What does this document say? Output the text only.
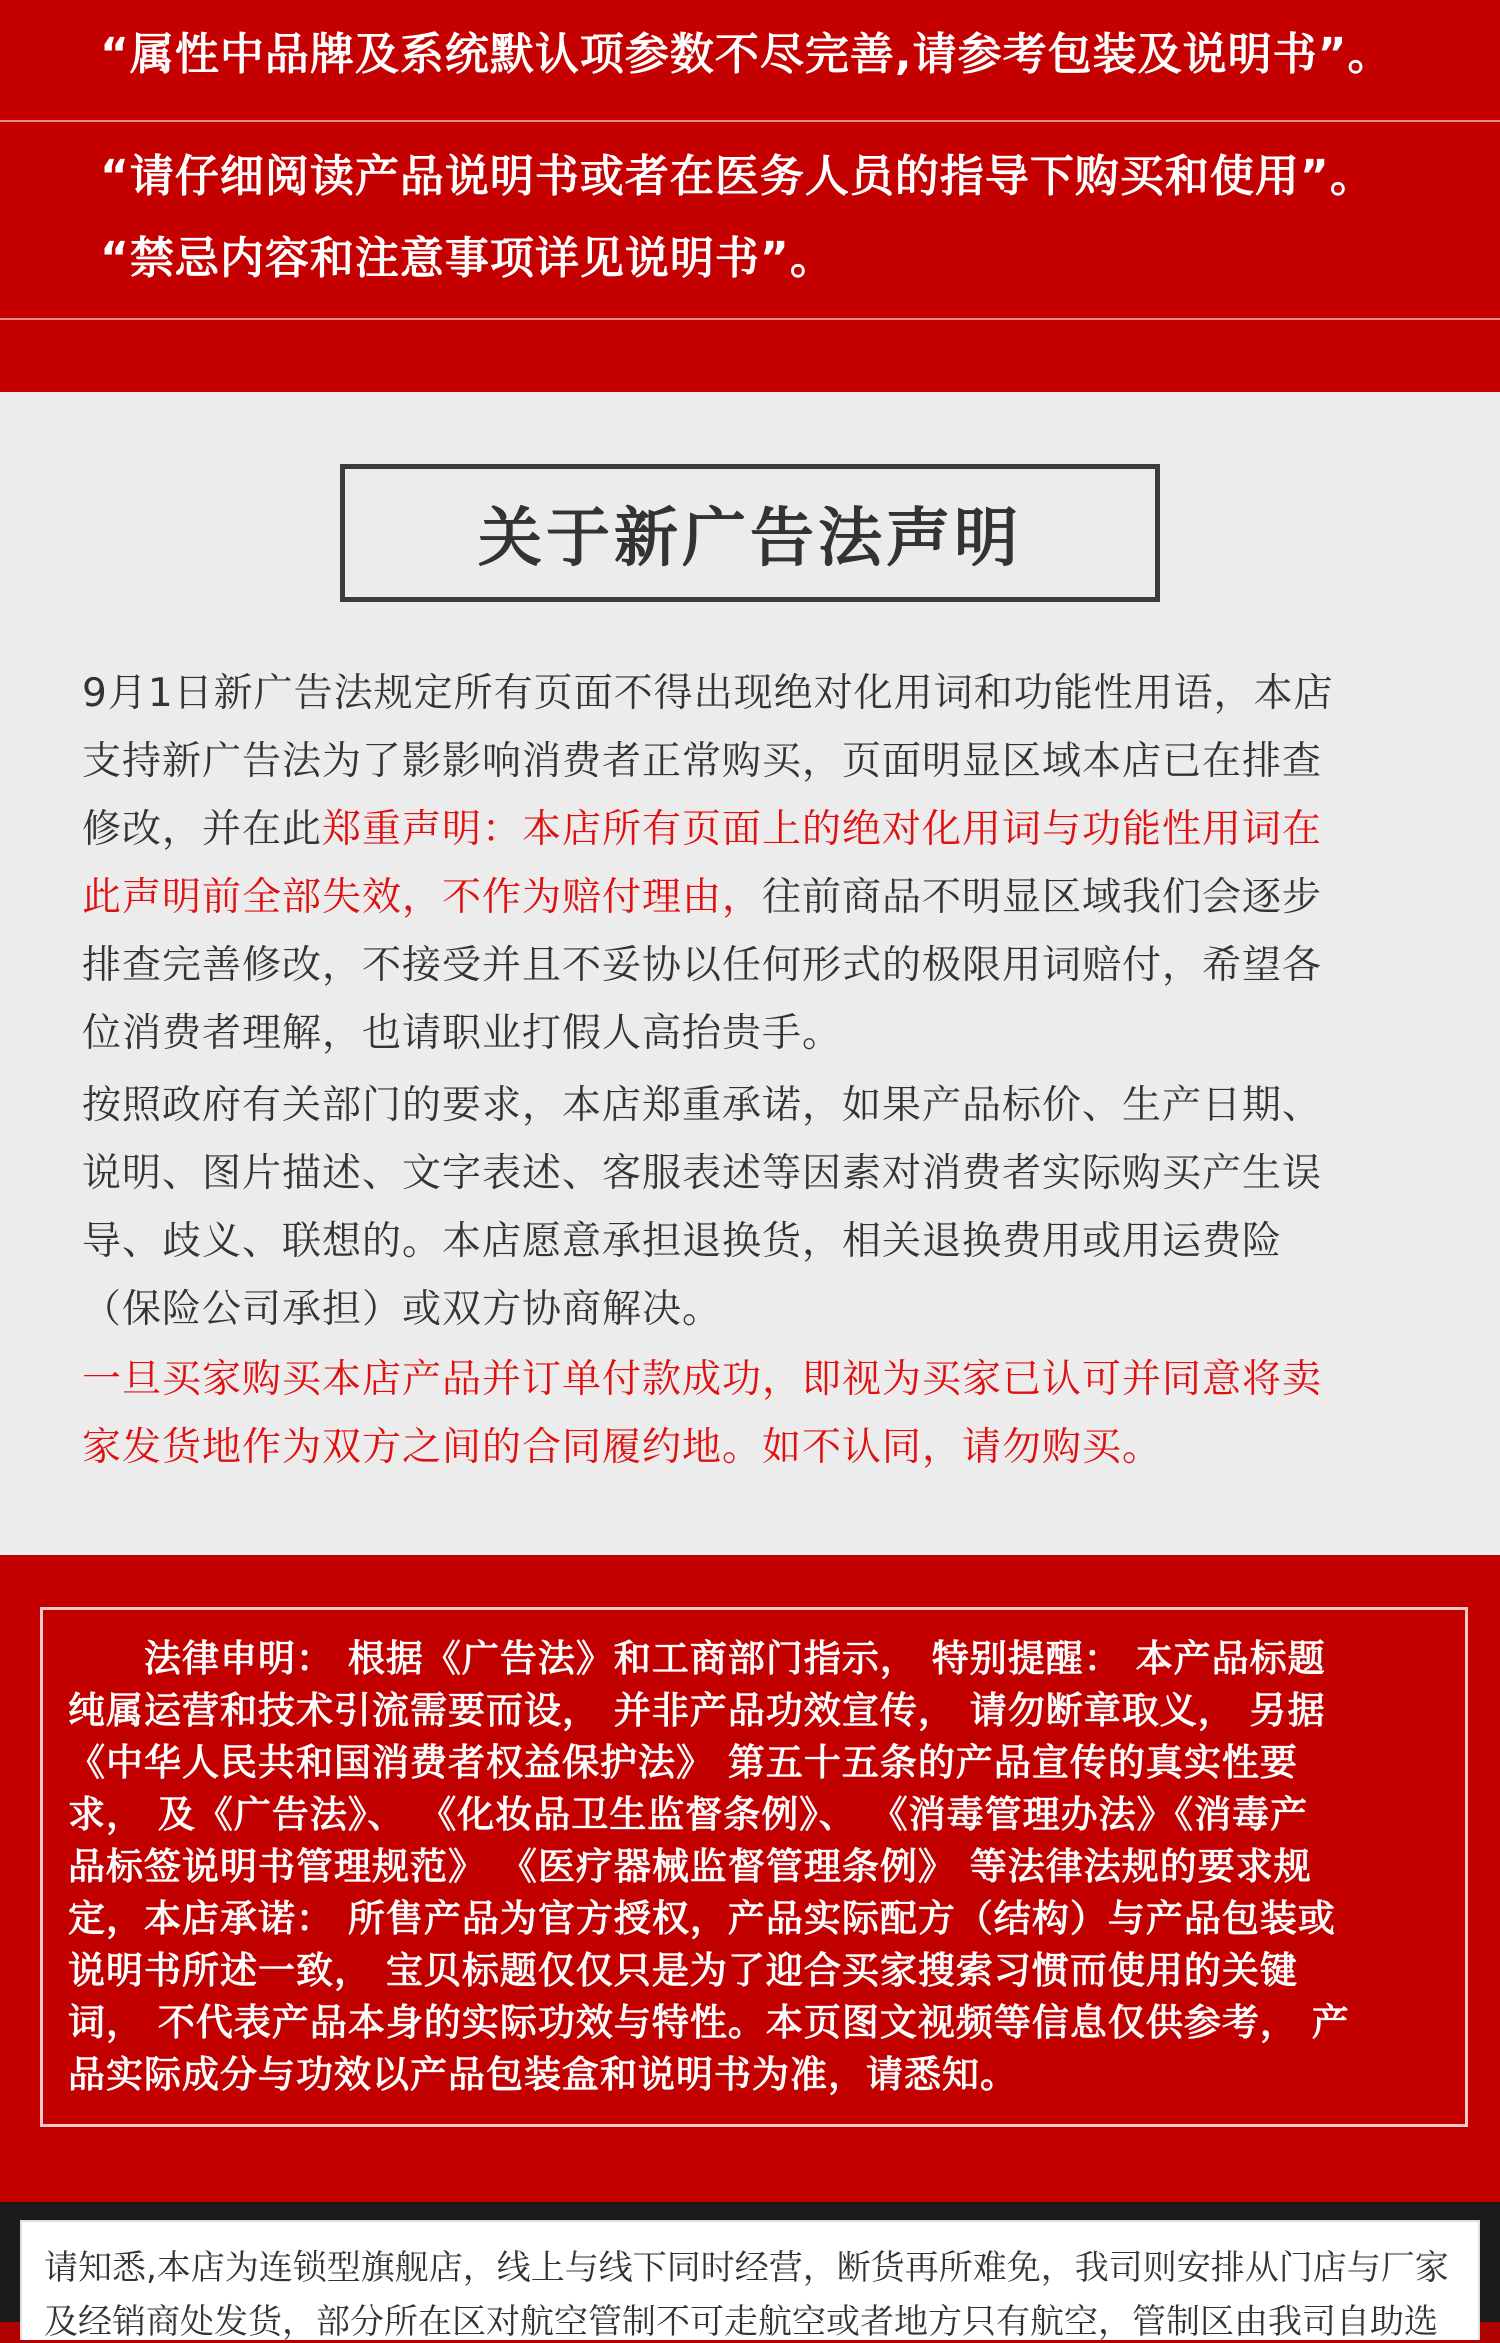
“属性中品牌及系统默认项参数不尽完善,请参考包装及说明书”。
“请仔细阅读产品说明书或者在医务人员的指导下购买和使用”。
“禁忌内容和注意事项详见说明书”。
关于新广告法声明
9月1日新广告法规定所有页面不得出现绝对化用词和功能性用语，本店
支持新广告法为了影影响消费者正常购买，页面明显区域本店已在排查
修改，并在此郑重声明：本店所有页面上的绝对化用词与功能性用词在
此声明前全部失效，不作为赔付理由，往前商品不明显区域我们会逐步
排查完善修改，不接受并且不妥协以任何形式的极限用词赔付，希望各
位消费者理解，也请职业打假人高抬贵手。
按照政府有关部门的要求，本店郑重承诺，如果产品标价、生产日期、
说明、图片描述、文字表述、客服表述等因素对消费者实际购买产生误
导、歧义、联想的。本店愿意承担退换货，相关退换费用或用运费险
（保险公司承担）或双方协商解决。
一旦买家购买本店产品并订单付款成功，即视为买家已认可并同意将卖
家发货地作为双方之间的合同履约地。如不认同，请勿购买。
　　法律申明： 根据《广告法》和工商部门指示， 特别提醒： 本产品标题
纯属运营和技术引流需要而设， 并非产品功效宣传， 请勿断章取义， 另据
《中华人民共和国消费者权益保护法》 第五十五条的产品宣传的真实性要
求， 及《广告法》、 《化妆品卫生监督条例》、 《消毒管理办法》《消毒产
品标签说明书管理规范》 《医疗器械监督管理条例》 等法律法规的要求规
定，本店承诺： 所售产品为官方授权，产品实际配方（结构）与产品包装或
说明书所述一致， 宝贝标题仅仅只是为了迎合买家搜索习惯而使用的关键
词， 不代表产品本身的实际功效与特性。本页图文视频等信息仅供参考， 产
品实际成分与功效以产品包装盒和说明书为准，请悉知。
请知悉,本店为连锁型旗舰店，线上与线下同时经营，断货再所难免，我司则安排从门店与厂家
及经销商处发货，部分所在区对航空管制不可走航空或者地方只有航空，管制区由我司自助选
